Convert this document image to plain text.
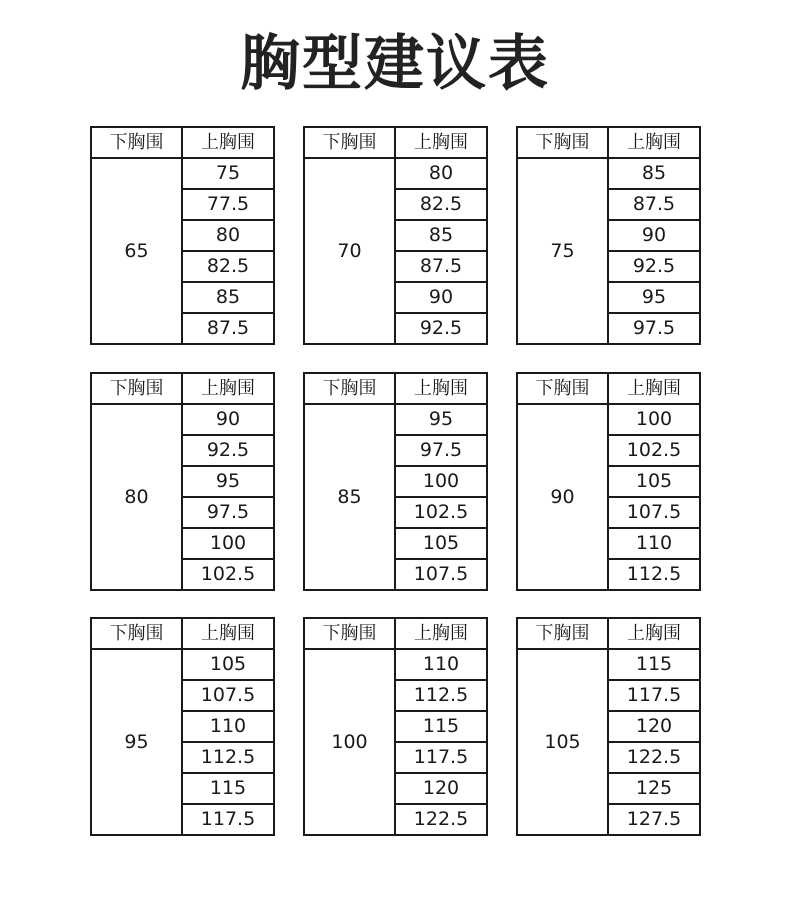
胸型建议表
下胸围	上胸围
65	75
	77.5
	80
	82.5
	85
	87.5
下胸围	上胸围
70	80
	82.5
	85
	87.5
	90
	92.5
下胸围	上胸围
75	85
	87.5
	90
	92.5
	95
	97.5
下胸围	上胸围
80	90
	92.5
	95
	97.5
	100
	102.5
下胸围	上胸围
85	95
	97.5
	100
	102.5
	105
	107.5
下胸围	上胸围
90	100
	102.5
	105
	107.5
	110
	112.5
下胸围	上胸围
95	105
	107.5
	110
	112.5
	115
	117.5
下胸围	上胸围
100	110
	112.5
	115
	117.5
	120
	122.5
下胸围	上胸围
105	115
	117.5
	120
	122.5
	125
	127.5
